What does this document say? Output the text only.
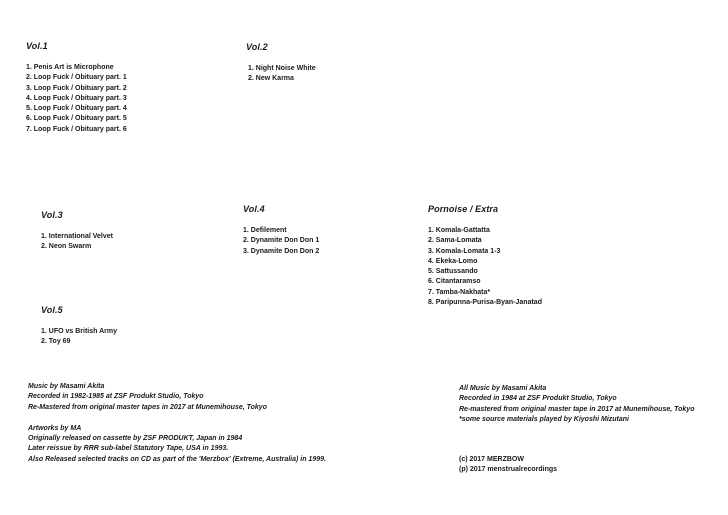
Vol.1
1. Penis Art is Microphone
2. Loop Fuck / Obituary part. 1
3. Loop Fuck / Obituary part. 2
4. Loop Fuck / Obituary part. 3
5. Loop Fuck / Obituary part. 4
6. Loop Fuck / Obituary part. 5
7. Loop Fuck / Obituary part. 6
Vol.2
1. Night Noise White
2. New Karma
Vol.3
1. International Velvet
2. Neon Swarm
Vol.4
1. Defilement
2. Dynamite Don Don 1
3. Dynamite Don Don 2
Pornoise / Extra
1. Komala-Gattatta
2. Sama-Lomata
3. Komala-Lomata 1-3
4. Ekeka-Lomo
5. Sattussando
6. Citantaramso
7. Tamba-Nakhata*
8. Paripunna-Purisa-Byan-Janatad
Vol.5
1. UFO vs British Army
2. Toy 69

Music by Masami Akita

Recorded in 1982-1985 at ZSF Produkt Studio, Tokyo

Re-Mastered from original master tapes in 2017 at Munemihouse, Tokyo

Artworks by MA

Originally released on cassette by ZSF PRODUKT, Japan in 1984

Later reissue by RRR sub-label Statutory Tape, USA in 1993.

Also Released selected tracks on CD as part of the 'Merzbox' (Extreme, Australia) in 1999.

All Music by Masami Akita

Recorded in 1984 at ZSF Produkt Studio, Tokyo

Re-mastered from original master tape in 2017 at Munemihouse, Tokyo

*some source materials played by Kiyoshi Mizutani

(c) 2017 MERZBOW

(p) 2017 menstrualrecordings
